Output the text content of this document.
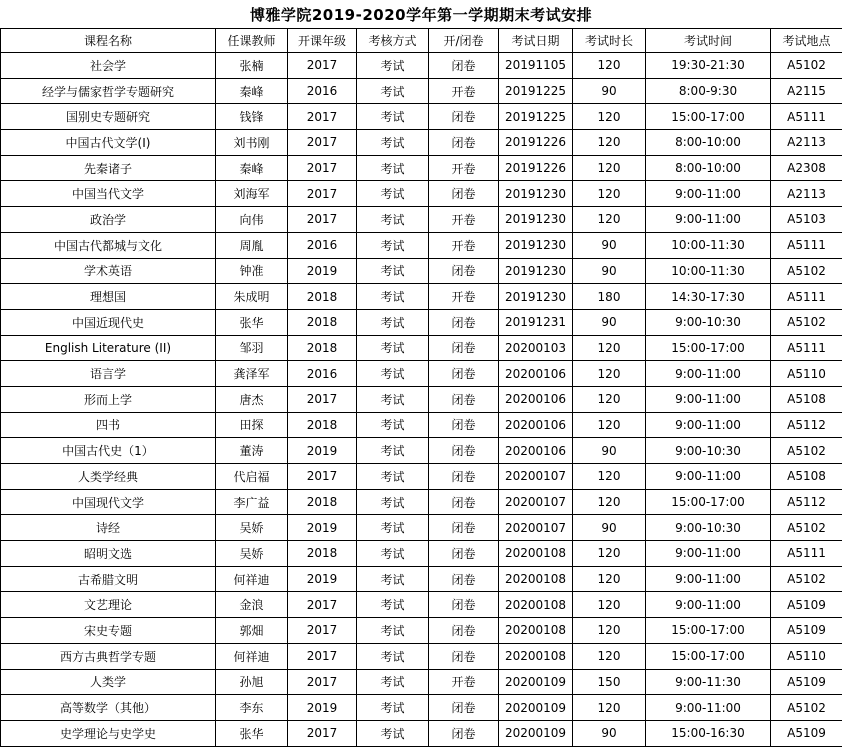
博雅学院2019-2020学年第一学期期末考试安排
课程名称	任课教师	开课年级	考核方式	开/闭卷	考试日期	考试时长	考试时间	考试地点
社会学	张楠	2017	考试	闭卷	20191105	120	19:30-21:30	A5102
经学与儒家哲学专题研究	秦峰	2016	考试	开卷	20191225	90	8:00-9:30	A2115
国别史专题研究	钱锋	2017	考试	闭卷	20191225	120	15:00-17:00	A5111
中国古代文学(I)	刘书刚	2017	考试	闭卷	20191226	120	8:00-10:00	A2113
先秦诸子	秦峰	2017	考试	开卷	20191226	120	8:00-10:00	A2308
中国当代文学	刘海军	2017	考试	闭卷	20191230	120	9:00-11:00	A2113
政治学	向伟	2017	考试	开卷	20191230	120	9:00-11:00	A5103
中国古代都城与文化	周胤	2016	考试	开卷	20191230	90	10:00-11:30	A5111
学术英语	钟准	2019	考试	闭卷	20191230	90	10:00-11:30	A5102
理想国	朱成明	2018	考试	开卷	20191230	180	14:30-17:30	A5111
中国近现代史	张华	2018	考试	闭卷	20191231	90	9:00-10:30	A5102
English Literature (II)	邹羽	2018	考试	闭卷	20200103	120	15:00-17:00	A5111
语言学	龚泽军	2016	考试	闭卷	20200106	120	9:00-11:00	A5110
形而上学	唐杰	2017	考试	闭卷	20200106	120	9:00-11:00	A5108
四书	田探	2018	考试	闭卷	20200106	120	9:00-11:00	A5112
中国古代史（1）	董涛	2019	考试	闭卷	20200106	90	9:00-10:30	A5102
人类学经典	代启福	2017	考试	闭卷	20200107	120	9:00-11:00	A5108
中国现代文学	李广益	2018	考试	闭卷	20200107	120	15:00-17:00	A5112
诗经	吴娇	2019	考试	闭卷	20200107	90	9:00-10:30	A5102
昭明文选	吴娇	2018	考试	闭卷	20200108	120	9:00-11:00	A5111
古希腊文明	何祥迪	2019	考试	闭卷	20200108	120	9:00-11:00	A5102
文艺理论	金浪	2017	考试	闭卷	20200108	120	9:00-11:00	A5109
宋史专题	郭畑	2017	考试	闭卷	20200108	120	15:00-17:00	A5109
西方古典哲学专题	何祥迪	2017	考试	闭卷	20200108	120	15:00-17:00	A5110
人类学	孙旭	2017	考试	开卷	20200109	150	9:00-11:30	A5109
高等数学（其他）	李东	2019	考试	闭卷	20200109	120	9:00-11:00	A5102
史学理论与史学史	张华	2017	考试	闭卷	20200109	90	15:00-16:30	A5109
